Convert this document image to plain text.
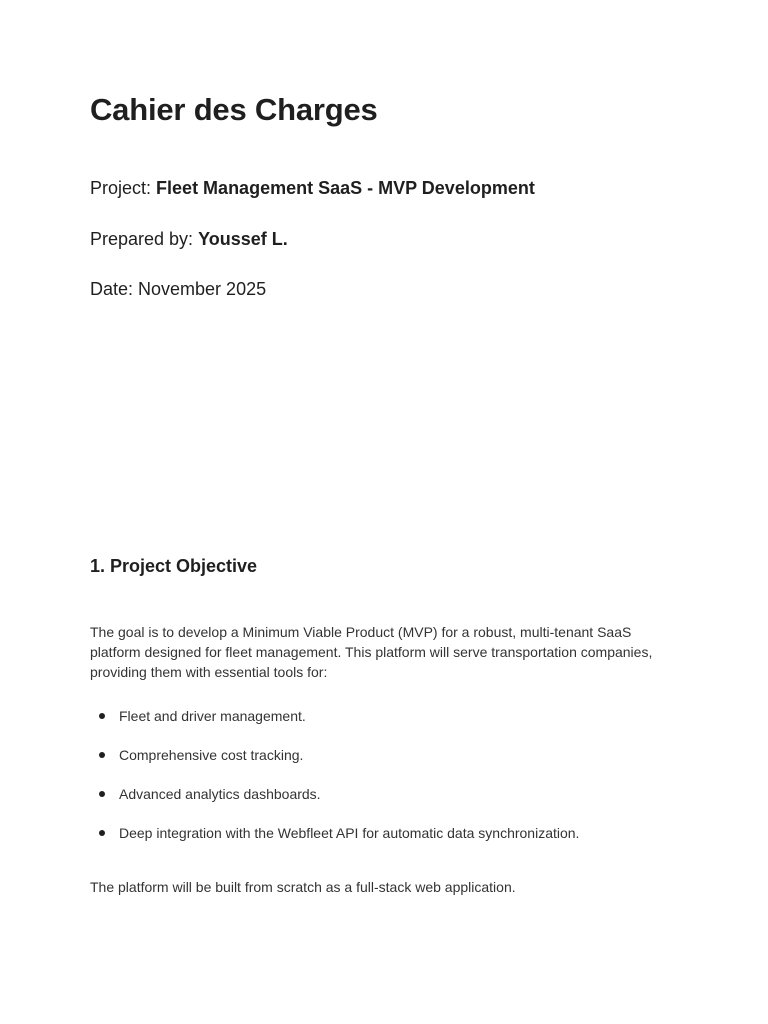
Cahier des Charges

Project: Fleet Management SaaS - MVP Development

Prepared by: Youssef L.

Date: November 2025

1. Project Objective

The goal is to develop a Minimum Viable Product (MVP) for a robust, multi-tenant SaaS platform designed for fleet management. This platform will serve transportation companies, providing them with essential tools for:

Fleet and driver management.
Comprehensive cost tracking.
Advanced analytics dashboards.
Deep integration with the Webfleet API for automatic data synchronization.

The platform will be built from scratch as a full-stack web application.
